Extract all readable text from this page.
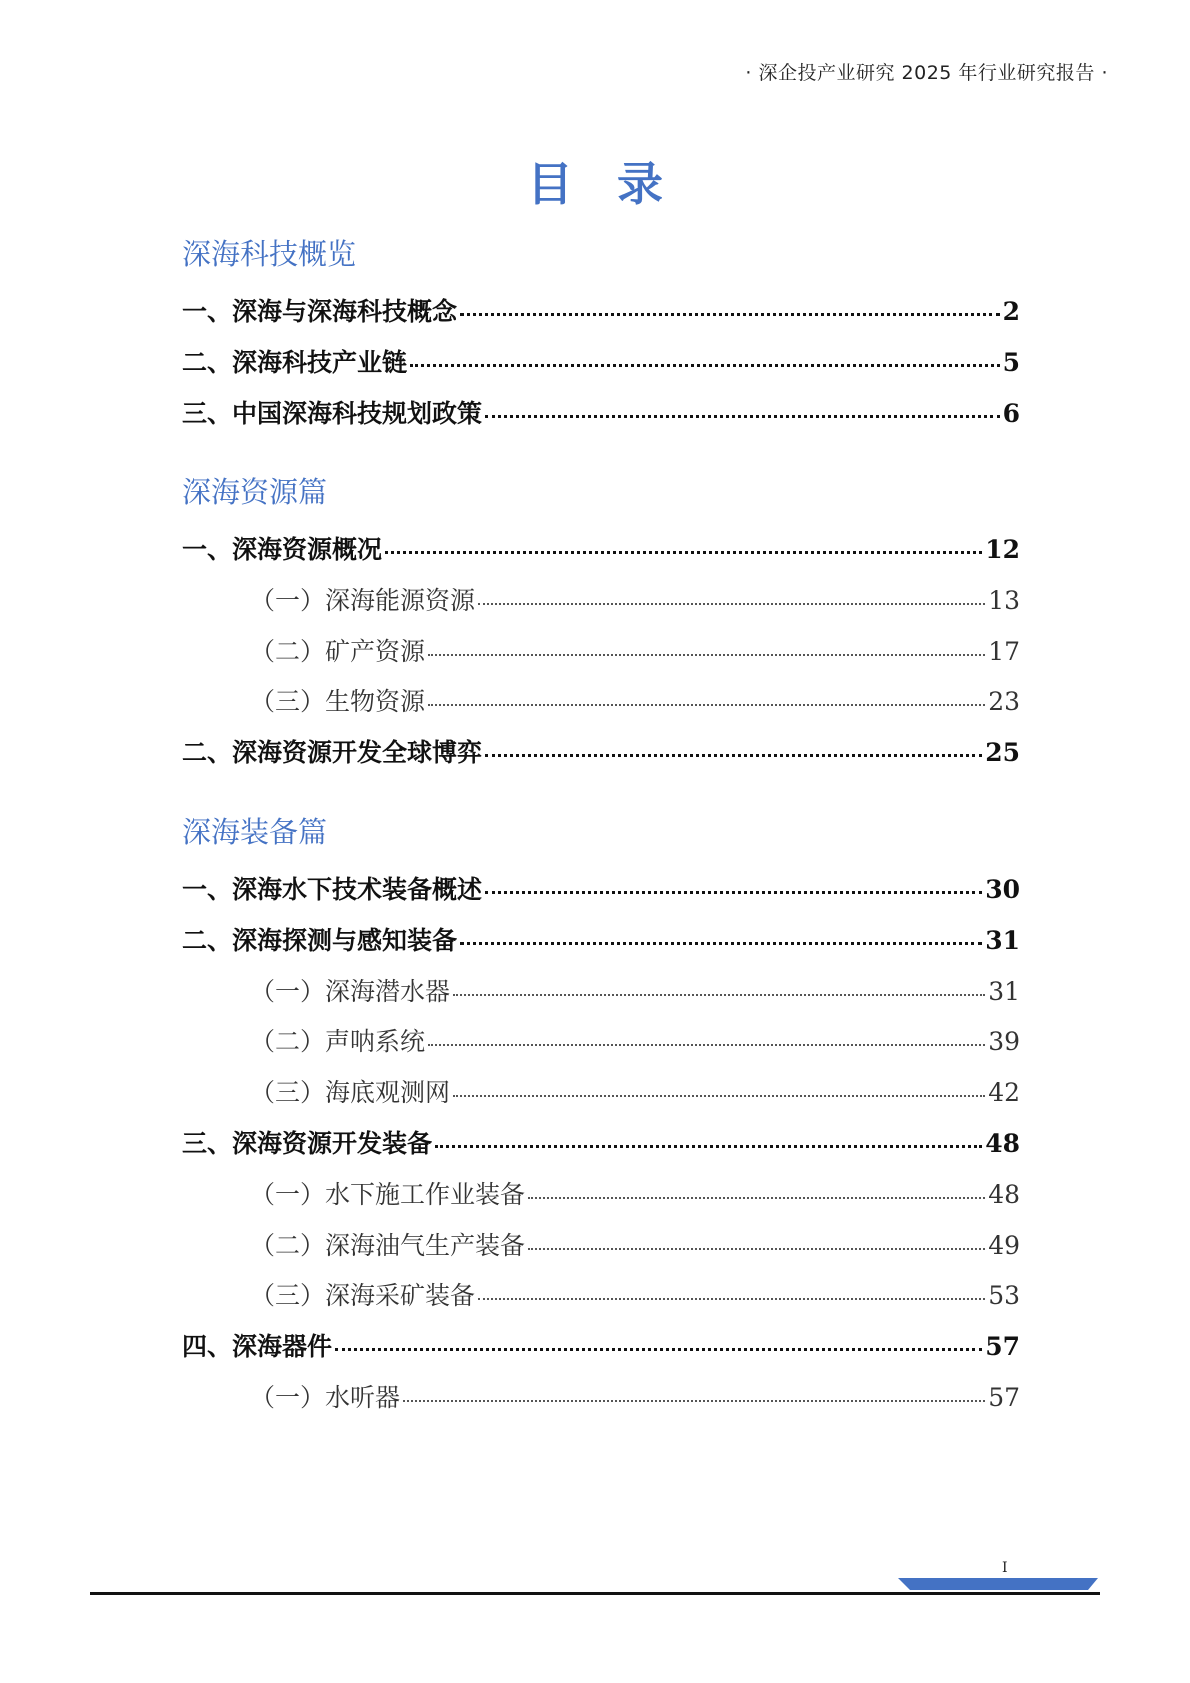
· 深企投产业研究 2025 年行业研究报告 ·
目录
深海科技概览
一、深海与深海科技概念	2
二、深海科技产业链	5
三、中国深海科技规划政策	6
深海资源篇
一、深海资源概况	12
（一）深海能源资源	13
（二）矿产资源	17
（三）生物资源	23
二、深海资源开发全球博弈	25
深海装备篇
一、深海水下技术装备概述	30
二、深海探测与感知装备	31
（一）深海潜水器	31
（二）声呐系统	39
（三）海底观测网	42
三、深海资源开发装备	48
（一）水下施工作业装备	48
（二）深海油气生产装备	49
（三）深海采矿装备	53
四、深海器件	57
（一）水听器	57
I
